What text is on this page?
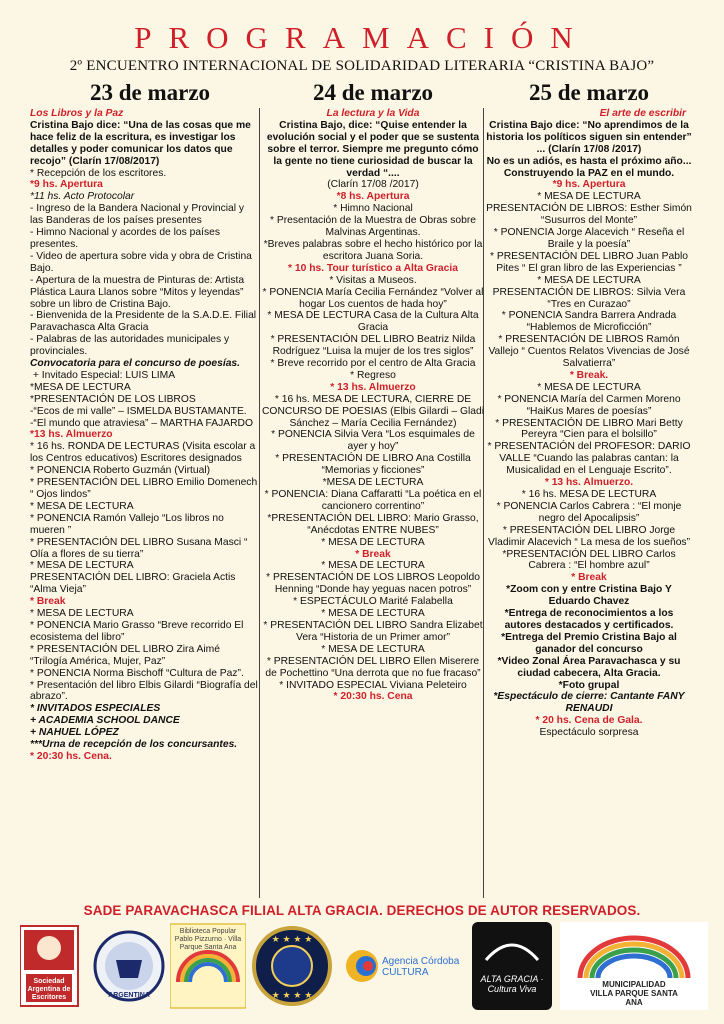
PROGRAMACIÓN
2º ENCUENTRO INTERNACIONAL DE SOLIDARIDAD LITERARIA “CRISTINA BAJO”
23 de marzo
Los Libros y la Paz
Cristina Bajo dice: “Una de las cosas que me hace feliz de la escritura, es investigar los detalles y poder comunicar los datos que recojo” (Clarín 17/08/2017)
* Recepción de los escritores.
*9 hs. Apertura
*11 hs. Acto Protocolar
- Ingreso de la Bandera Nacional y Provincial y las Banderas de los países presentes
- Himno Nacional y acordes de los países presentes.
- Video de apertura sobre vida y obra de Cristina Bajo.
- Apertura de la muestra de Pinturas de: Artista Plástica Laura Llanos sobre “Mitos y leyendas” sobre un libro de Cristina Bajo.
- Bienvenida de la Presidente de la S.A.D.E. Filial Paravachasca Alta Gracia
- Palabras de las autoridades municipales y provinciales.
Convocatoria para el concurso de poesías.
+ Invitado Especial: LUIS LIMA
*MESA DE LECTURA
*PRESENTACIÓN DE LOS LIBROS
-“Ecos de mi valle” – ISMELDA BUSTAMANTE.
-“El mundo que atraviesa” – MARTHA FAJARDO
*13 hs. Almuerzo
* 16 hs. RONDA DE LECTURAS (Visita escolar a los Centros educativos) Escritores designados
* PONENCIA Roberto Guzmán (Virtual)
* PRESENTACIÓN DEL LIBRO Emilio Domenech “ Ojos lindos”
* MESA DE LECTURA
* PONENCIA Ramón Vallejo “Los libros no mueren ”
* PRESENTACIÓN DEL LIBRO Susana Masci “ Olía a flores de su tierra”
* MESA DE LECTURA
PRESENTACIÓN DEL LIBRO: Graciela Actis “Alma Vieja”
* Break
* MESA DE LECTURA
* PONENCIA Mario Grasso “Breve recorrido El ecosistema del libro”
* PRESENTACIÓN DEL LIBRO Zira Aimé “Trilogía América, Mujer, Paz”
* PONENCIA Norma Bischoff “Cultura de Paz”.
* Presentación del libro Elbis Gilardi “Biografía del abrazo”.
* INVITADOS ESPECIALES
+ ACADEMIA SCHOOL DANCE
+ NAHUEL LÓPEZ
***Urna de recepción de los concursantes.
* 20:30 hs. Cena.
24 de marzo
La lectura y la Vida
Cristina Bajo, dice: “Quise entender la evolución social y el poder que se sustenta sobre el terror. Siempre me pregunto cómo la gente no tiene curiosidad de buscar la verdad “....
(Clarín 17/08 /2017)
*8 hs. Apertura
* Himno Nacional
* Presentación de la Muestra de Obras sobre Malvinas Argentinas.
*Breves palabras sobre el hecho histórico por la escritora Juana Soria.
* 10 hs. Tour turístico a Alta Gracia
* Visitas a Museos.
* PONENCIA María Cecilia Fernández “Volver al hogar Los cuentos de hada hoy”
* MESA DE LECTURA Casa de la Cultura Alta Gracia
* PRESENTACIÓN DEL LIBRO Beatriz Nilda Rodríguez “Luisa la mujer de los tres siglos”
* Breve recorrido por el centro de Alta Gracia
* Regreso
* 13 hs. Almuerzo
* 16 hs. MESA DE LECTURA, CIERRE DE CONCURSO DE POESIAS (Elbis Gilardi – Gladi Sánchez – María Cecilia Fernández)
* PONENCIA Silvia Vera “Los esquimales de ayer y hoy”
* PRESENTACIÓN DE LIBRO Ana Costilla “Memorias y ficciones”
*MESA DE LECTURA
* PONENCIA: Diana Caffaratti “La poética en el cancionero correntino”
*PRESENTACIÓN DEL LIBRO: Mario Grasso, “Anécdotas ENTRE NUBES”
* MESA DE LECTURA
* Break
* MESA DE LECTURA
* PRESENTACIÓN DE LOS LIBROS Leopoldo Henning “Donde hay yeguas nacen potros”
* ESPECTÁCULO Marité Falabella
* MESA DE LECTURA
* PRESENTACIÓN DEL LIBRO Sandra Elizabet Vera “Historia de un Primer amor”
* MESA DE LECTURA
* PRESENTACIÓN DEL LIBRO Ellen Miserere de Pochettino “Una derrota que no fue fracaso”
* INVITADO ESPECIAL Viviana Peleteiro
* 20:30 hs. Cena
25 de marzo
El arte de escribir
Cristina Bajo dice: “No aprendimos de la historia los políticos siguen sin entender” ... (Clarín 17/08 /2017)
No es un adiós, es hasta el próximo año... Construyendo la PAZ en el mundo.
*9 hs. Apertura
* MESA DE LECTURA
PRESENTACIÓN DE LIBROS: Esther Simón “Susurros del Monte”
* PONENCIA Jorge Alacevich “ Reseña el Braile y la poesía”
* PRESENTACIÓN DEL LIBRO Juan Pablo Pites “ El gran libro de las Experiencias ”
* MESA DE LECTURA
PRESENTACIÓN DE LIBROS: Silvia Vera “Tres en Curazao”
* PONENCIA Sandra Barrera Andrada “Hablemos de Microficción”
* PRESENTACIÓN DE LIBROS Ramón Vallejo “ Cuentos Relatos Vivencias de José Salvatierra”
* Break.
* MESA DE LECTURA
* PONENCIA María del Carmen Moreno “HaiKus Mares de poesías”
* PRESENTACIÓN DE LIBRO Mari Betty Pereyra “Cien para el bolsillo”
* PRESENTACIÓN del PROFESOR: DARIO VALLE “Cuando las palabras cantan: la Musicalidad en el Lenguaje Escrito”.
* 13 hs. Almuerzo.
* 16 hs. MESA DE LECTURA
* PONENCIA Carlos Cabrera : “El monje negro del Apocalipsis”
* PRESENTACIÓN DEL LIBRO Jorge Vladimir Alacevich “ La mesa de los sueños”
*PRESENTACIÓN DEL LIBRO Carlos Cabrera : “El hombre azul”
* Break
*Zoom con y entre Cristina Bajo Y Eduardo Chavez
*Entrega de reconocimientos a los autores destacados y certificados.
*Entrega del Premio Cristina Bajo al ganador del concurso
*Video Zonal Área Paravachasca y su ciudad cabecera, Alta Gracia.
*Foto grupal
*Espectáculo de cierre: Cantante FANY RENAUDI
* 20 hs. Cena de Gala.
Espectáculo sorpresa
SADE PARAVACHASCA FILIAL ALTA GRACIA. DERECHOS DE AUTOR RESERVADOS.
Sociedad Argentina de Escritores	ARGENTINA
Biblioteca Popular Pablo Pizzurno · Villa Parque Santa Ana
★ ★ ★ ★
★ ★ ★ ★
Agencia Córdoba CULTURA
ALTA GRACIA · Cultura Viva	MUNICIPALIDAD VILLA PARQUE SANTA ANA
